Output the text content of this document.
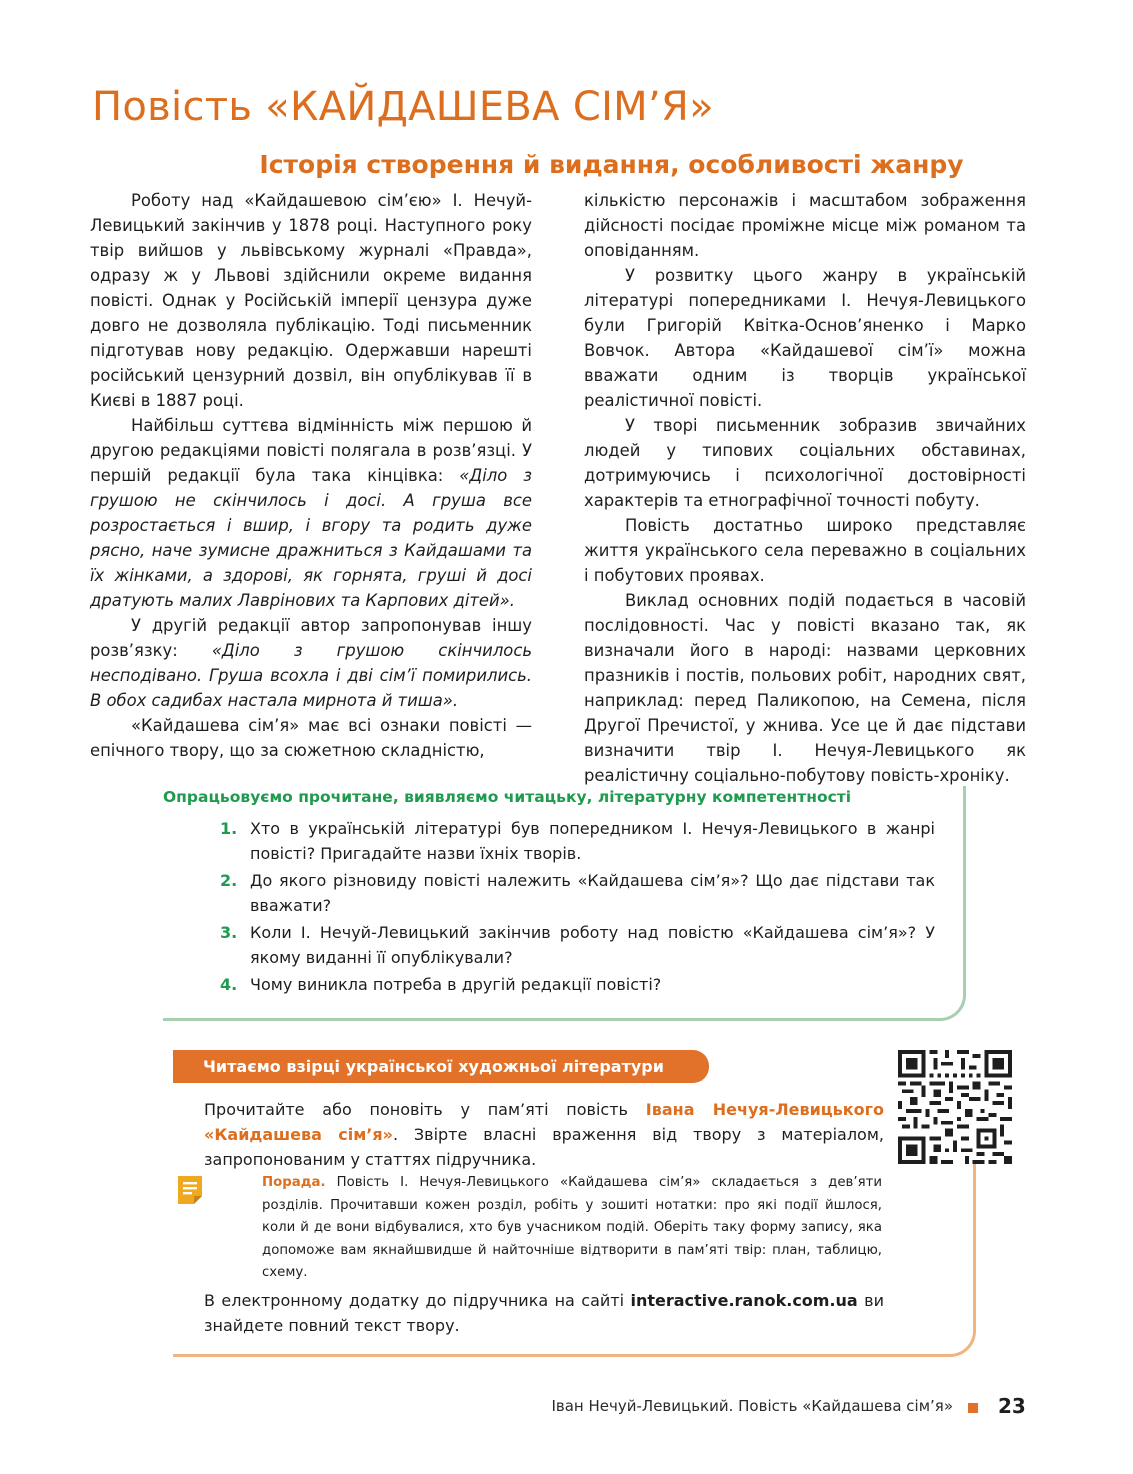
Повість «КАЙДАШЕВА СІМ’Я»
Історія створення й видання, особливості жанру

Роботу над «Кайдашевою сім’єю» І. Нечуй-Левицький закінчив у 1878 році. Наступного року твір вийшов у львівському журналі «Правда», одразу ж у Львові здійснили окреме видання повісті. Однак у Російській імперії цензура дуже довго не дозволяла публікацію. Тоді письменник підготував нову редакцію. Одержавши нарешті російський цензурний дозвіл, він опублікував її в Києві в 1887 році.

Найбільш суттєва відмінність між першою й другою редакціями повісті полягала в розв’язці. У першій редакції була така кінцівка: «Діло з грушою не скінчилось і досі. А груша все розростається і вшир, і вгору та родить дуже рясно, наче зумисне дражниться з Кайдашами та їх жінками, а здорові, як горнята, груші й досі дратують малих Лаврінових та Карпових дітей».

У другій редакції автор запропонував іншу розв’язку: «Діло з грушою скінчилось несподівано. Груша всохла і дві сім’ї помирились. В обох садибах настала мирнота й тиша».

«Кайдашева сім’я» має всі ознаки повісті — епічного твору, що за сюжетною складністю,

кількістю персонажів і масштабом зображення дійсності посідає проміжне місце між романом та оповіданням.

У розвитку цього жанру в українській літературі попередниками І. Нечуя-Левицького були Григорій Квітка-Основ’яненко і Марко Вовчок. Автора «Кайдашевої сім’ї» можна вважати одним із творців української реалістичної повісті.

У творі письменник зобразив звичайних людей у типових соціальних обставинах, дотримуючись і психологічної достовірності характерів та етнографічної точності побуту.

Повість достатньо широко представляє життя українського села переважно в соціальних і побутових проявах.

Виклад основних подій подається в часовій послідовності. Час у повісті вказано так, як визначали його в народі: назвами церковних празників і постів, польових робіт, народних свят, наприклад: перед Паликопою, на Семена, після Другої Пречистої, у жнива. Усе це й дає підстави визначити твір І. Нечуя-Левицького як реалістичну соціально-побутову повість-хроніку.

Опрацьовуємо прочитане, виявляємо читацьку, літературну компетентності

1. Хто в українській літературі був попередником І. Нечуя-Левицького в жанрі повісті? Пригадайте назви їхніх творів.
2. До якого різновиду повісті належить «Кайдашева сім’я»? Що дає підстави так вважати?
3. Коли І. Нечуй-Левицький закінчив роботу над повістю «Кайдашева сім’я»? У якому виданні її опублікували?
4. Чому виникла потреба в другій редакції повісті?
Читаємо взірці української художньої літератури

Прочитайте або поновіть у пам’яті повість Івана Нечуя-Левицького «Кайдашева сім’я». Звірте власні враження від твору з матеріалом, запропонованим у статтях підручника.

Порада. Повість І. Нечуя-Левицького «Кайдашева сім’я» складається з дев’яти розділів. Прочитавши кожен розділ, робіть у зошиті нотатки: про які події йшлося, коли й де вони відбувалися, хто був учасником подій. Оберіть таку форму запису, яка допоможе вам якнайшвидше й найточніше відтворити в пам’яті твір: план, таблицю, схему.

В електронному додатку до підручника на сайті interactive.ranok.com.ua ви знайдете повний текст твору.

Іван Нечуй-Левицький. Повість «Кайдашева сім’я» 23
